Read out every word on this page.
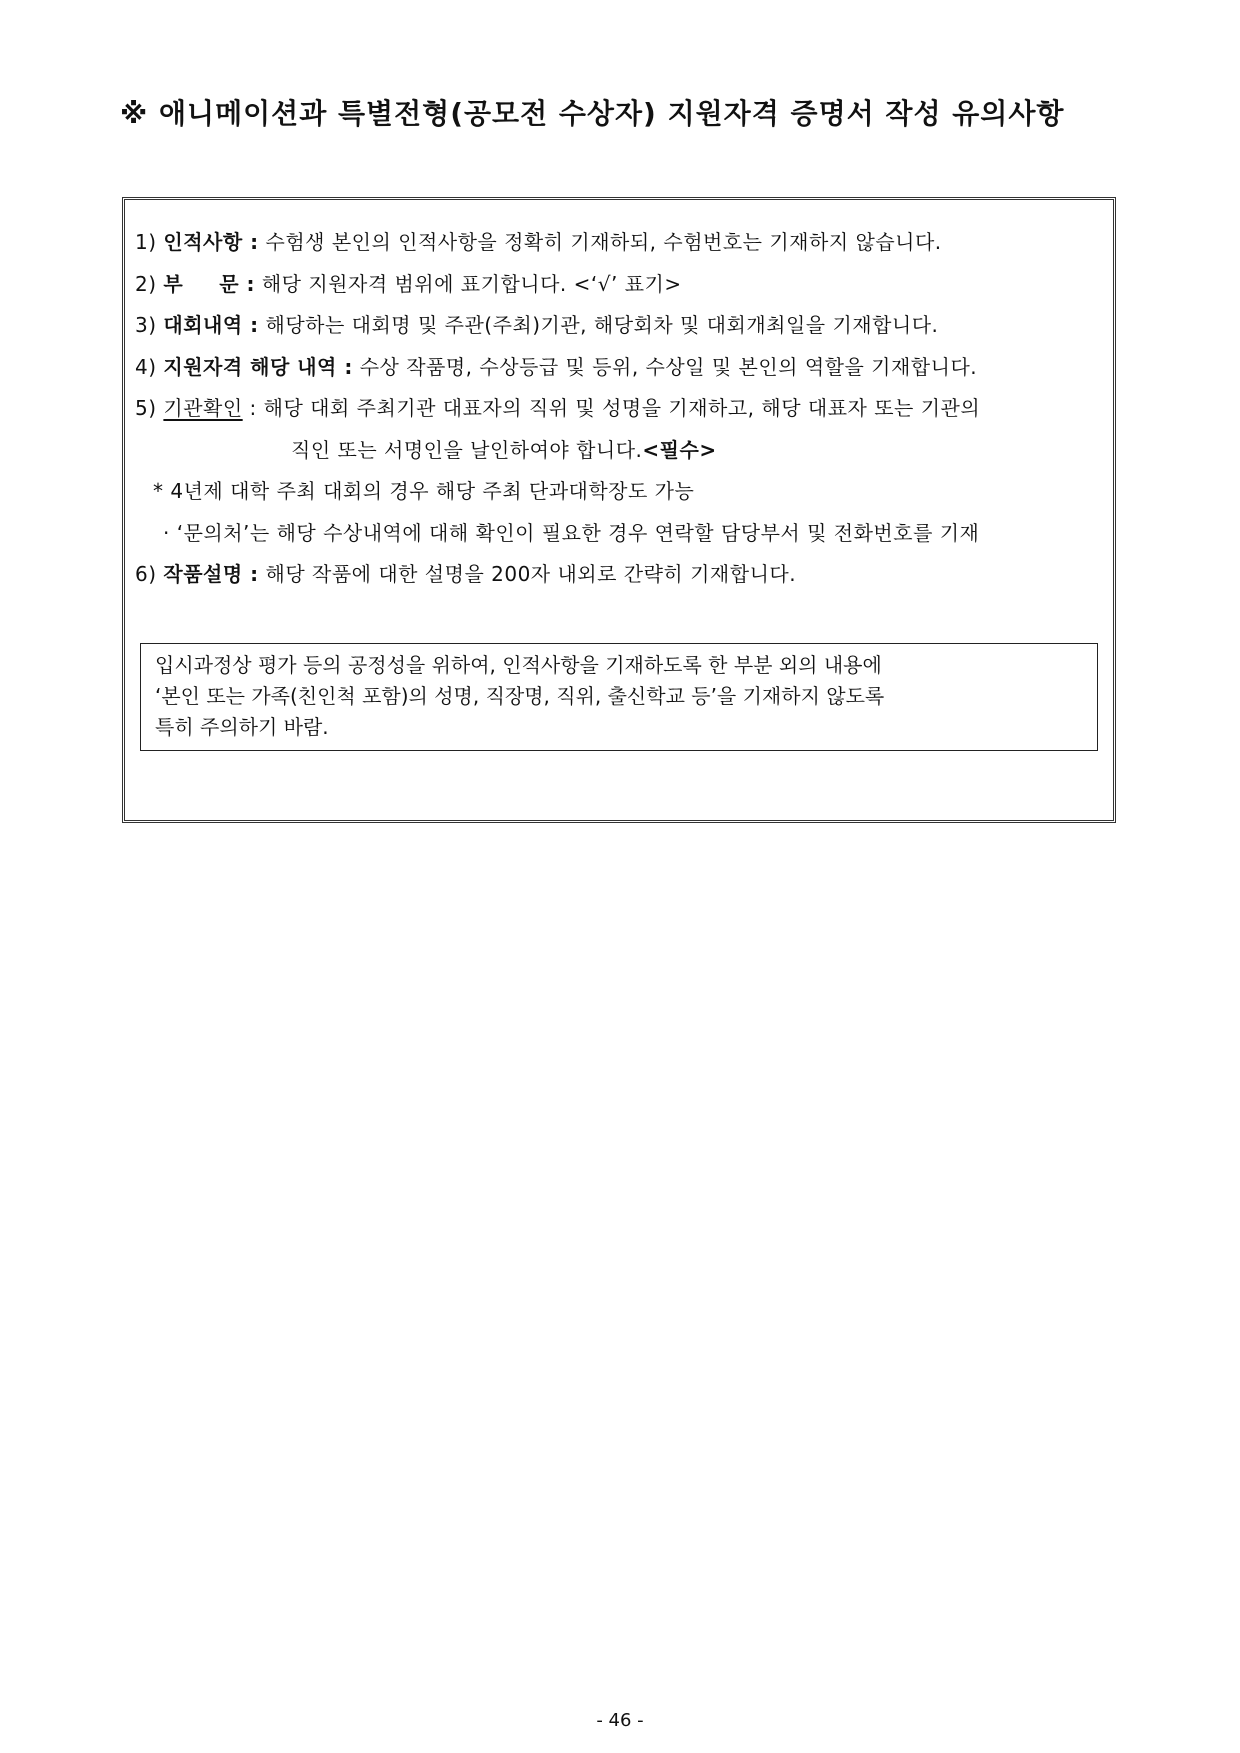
※ 애니메이션과 특별전형(공모전 수상자) 지원자격 증명서 작성 유의사항
1) 인적사항 : 수험생 본인의 인적사항을 정확히 기재하되, 수험번호는 기재하지 않습니다.
2) 부 문 : 해당 지원자격 범위에 표기합니다. <‘√’ 표기>
3) 대회내역 : 해당하는 대회명 및 주관(주최)기관, 해당회차 및 대회개최일을 기재합니다.
4) 지원자격 해당 내역 : 수상 작품명, 수상등급 및 등위, 수상일 및 본인의 역할을 기재합니다.
5) 기관확인 : 해당 대회 주최기관 대표자의 직위 및 성명을 기재하고, 해당 대표자 또는 기관의
직인 또는 서명인을 날인하여야 합니다.<필수>
* 4년제 대학 주최 대회의 경우 해당 주최 단과대학장도 가능
· ‘문의처’는 해당 수상내역에 대해 확인이 필요한 경우 연락할 담당부서 및 전화번호를 기재
6) 작품설명 : 해당 작품에 대한 설명을 200자 내외로 간략히 기재합니다.
입시과정상 평가 등의 공정성을 위하여, 인적사항을 기재하도록 한 부분 외의 내용에
‘본인 또는 가족(친인척 포함)의 성명, 직장명, 직위, 출신학교 등’을 기재하지 않도록
특히 주의하기 바람.
- 46 -
